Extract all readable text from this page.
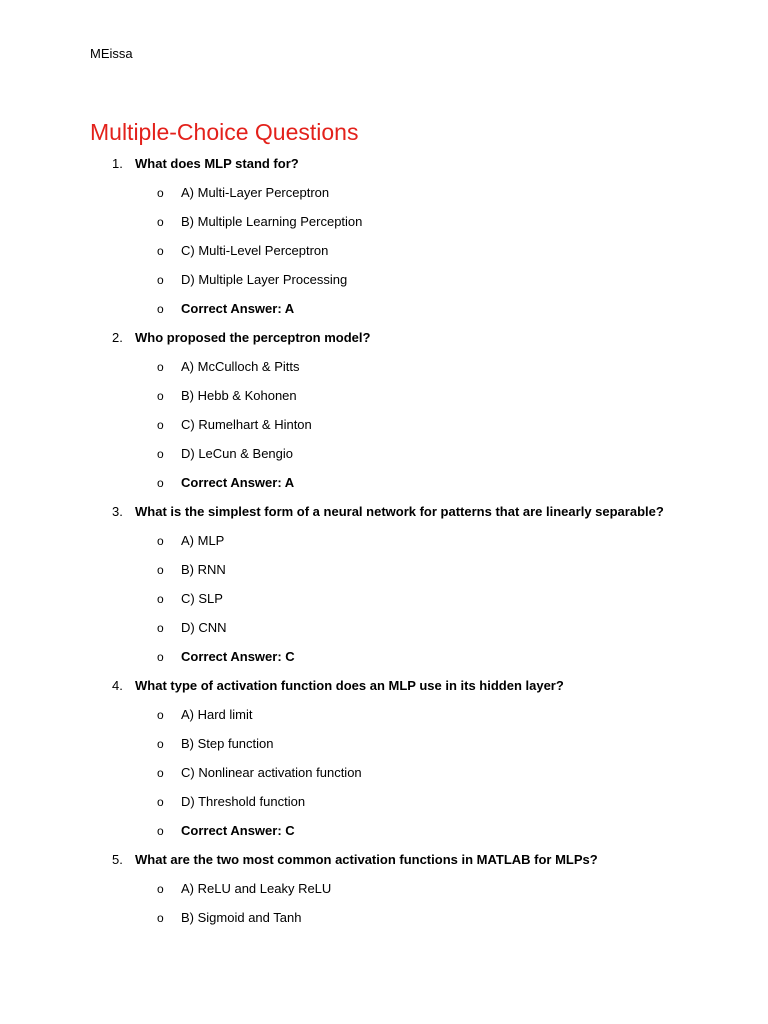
MEissa
Multiple-Choice Questions
1. What does MLP stand for?
o A) Multi-Layer Perceptron
o B) Multiple Learning Perception
o C) Multi-Level Perceptron
o D) Multiple Layer Processing
o Correct Answer: A
2. Who proposed the perceptron model?
o A) McCulloch & Pitts
o B) Hebb & Kohonen
o C) Rumelhart & Hinton
o D) LeCun & Bengio
o Correct Answer: A
3. What is the simplest form of a neural network for patterns that are linearly separable?
o A) MLP
o B) RNN
o C) SLP
o D) CNN
o Correct Answer: C
4. What type of activation function does an MLP use in its hidden layer?
o A) Hard limit
o B) Step function
o C) Nonlinear activation function
o D) Threshold function
o Correct Answer: C
5. What are the two most common activation functions in MATLAB for MLPs?
o A) ReLU and Leaky ReLU
o B) Sigmoid and Tanh
